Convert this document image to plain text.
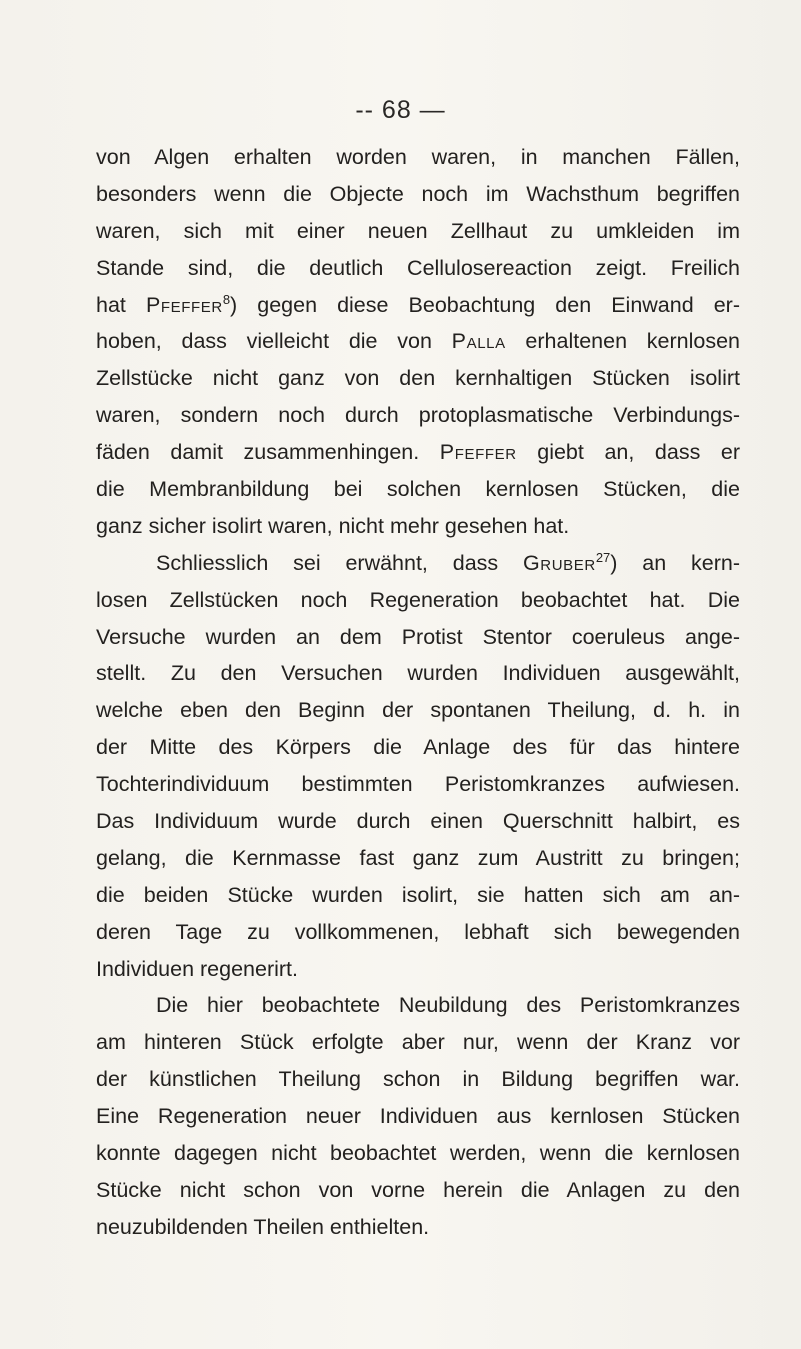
-- 68 —
von Algen erhalten worden waren, in manchen Fällen,
besonders wenn die Objecte noch im Wachsthum begriffen
waren, sich mit einer neuen Zellhaut zu umkleiden im
Stande sind, die deutlich Cellulosereaction zeigt. Freilich
hat Pfeffer$^8$) gegen diese Beobachtung den Einwand er-
hoben, dass vielleicht die von Palla erhaltenen kernlosen
Zellstücke nicht ganz von den kernhaltigen Stücken isolirt
waren, sondern noch durch protoplasmatische Verbindungs-
fäden damit zusammenhingen. Pfeffer giebt an, dass er
die Membranbildung bei solchen kernlosen Stücken, die
ganz sicher isolirt waren, nicht mehr gesehen hat.
Schliesslich sei erwähnt, dass Gruber$^{27}$) an kern-
losen Zellstücken noch Regeneration beobachtet hat. Die
Versuche wurden an dem Protist Stentor coeruleus ange-
stellt. Zu den Versuchen wurden Individuen ausgewählt,
welche eben den Beginn der spontanen Theilung, d. h. in
der Mitte des Körpers die Anlage des für das hintere
Tochterindividuum bestimmten Peristomkranzes aufwiesen.
Das Individuum wurde durch einen Querschnitt halbirt, es
gelang, die Kernmasse fast ganz zum Austritt zu bringen;
die beiden Stücke wurden isolirt, sie hatten sich am an-
deren Tage zu vollkommenen, lebhaft sich bewegenden
Individuen regenerirt.
Die hier beobachtete Neubildung des Peristomkranzes
am hinteren Stück erfolgte aber nur, wenn der Kranz vor
der künstlichen Theilung schon in Bildung begriffen war.
Eine Regeneration neuer Individuen aus kernlosen Stücken
konnte dagegen nicht beobachtet werden, wenn die kernlosen
Stücke nicht schon von vorne herein die Anlagen zu den
neuzubildenden Theilen enthielten.
